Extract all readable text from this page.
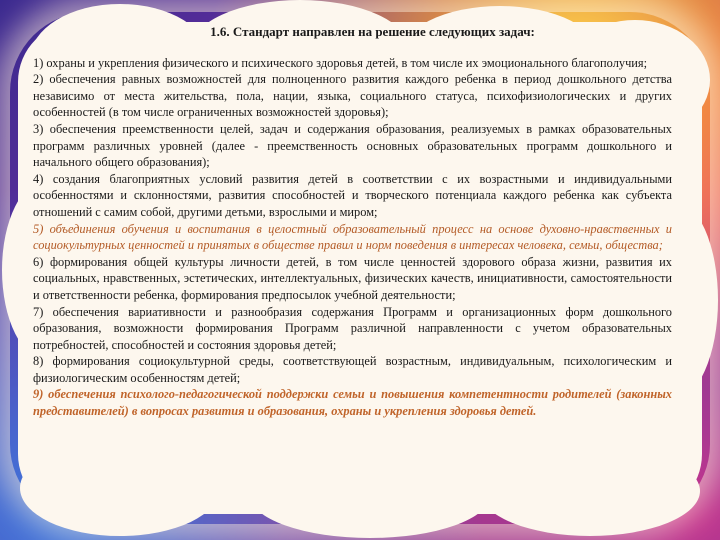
1.6. Стандарт направлен на решение следующих задач:

1) охраны и укрепления физического и психического здоровья детей, в том числе их эмоционального благополучия;

2) обеспечения равных возможностей для полноценного развития каждого ребенка в период дошкольного детства независимо от места жительства, пола, нации, языка, социального статуса, психофизиологических и других особенностей (в том числе ограниченных возможностей здоровья);

3) обеспечения преемственности целей, задач и содержания образования, реализуемых в рамках образовательных программ различных уровней (далее - преемственность основных образовательных программ дошкольного и начального общего образования);

4) создания благоприятных условий развития детей в соответствии с их возрастными и индивидуальными особенностями и склонностями, развития способностей и творческого потенциала каждого ребенка как субъекта отношений с самим собой, другими детьми, взрослыми и миром;

5) объединения обучения и воспитания в целостный образовательный процесс на основе духовно-нравственных и социокультурных ценностей и принятых в обществе правил и норм поведения в интересах человека, семьи, общества;

6) формирования общей культуры личности детей, в том числе ценностей здорового образа жизни, развития их социальных, нравственных, эстетических, интеллектуальных, физических качеств, инициативности, самостоятельности и ответственности ребенка, формирования предпосылок учебной деятельности;

7) обеспечения вариативности и разнообразия содержания Программ и организационных форм дошкольного образования, возможности формирования Программ различной направленности с учетом образовательных потребностей, способностей и состояния здоровья детей;

8) формирования социокультурной среды, соответствующей возрастным, индивидуальным, психологическим и физиологическим особенностям детей;

9) обеспечения психолого-педагогической поддержки семьи и повышения компетентности родителей (законных представителей) в вопросах развития и образования, охраны и укрепления здоровья детей.
